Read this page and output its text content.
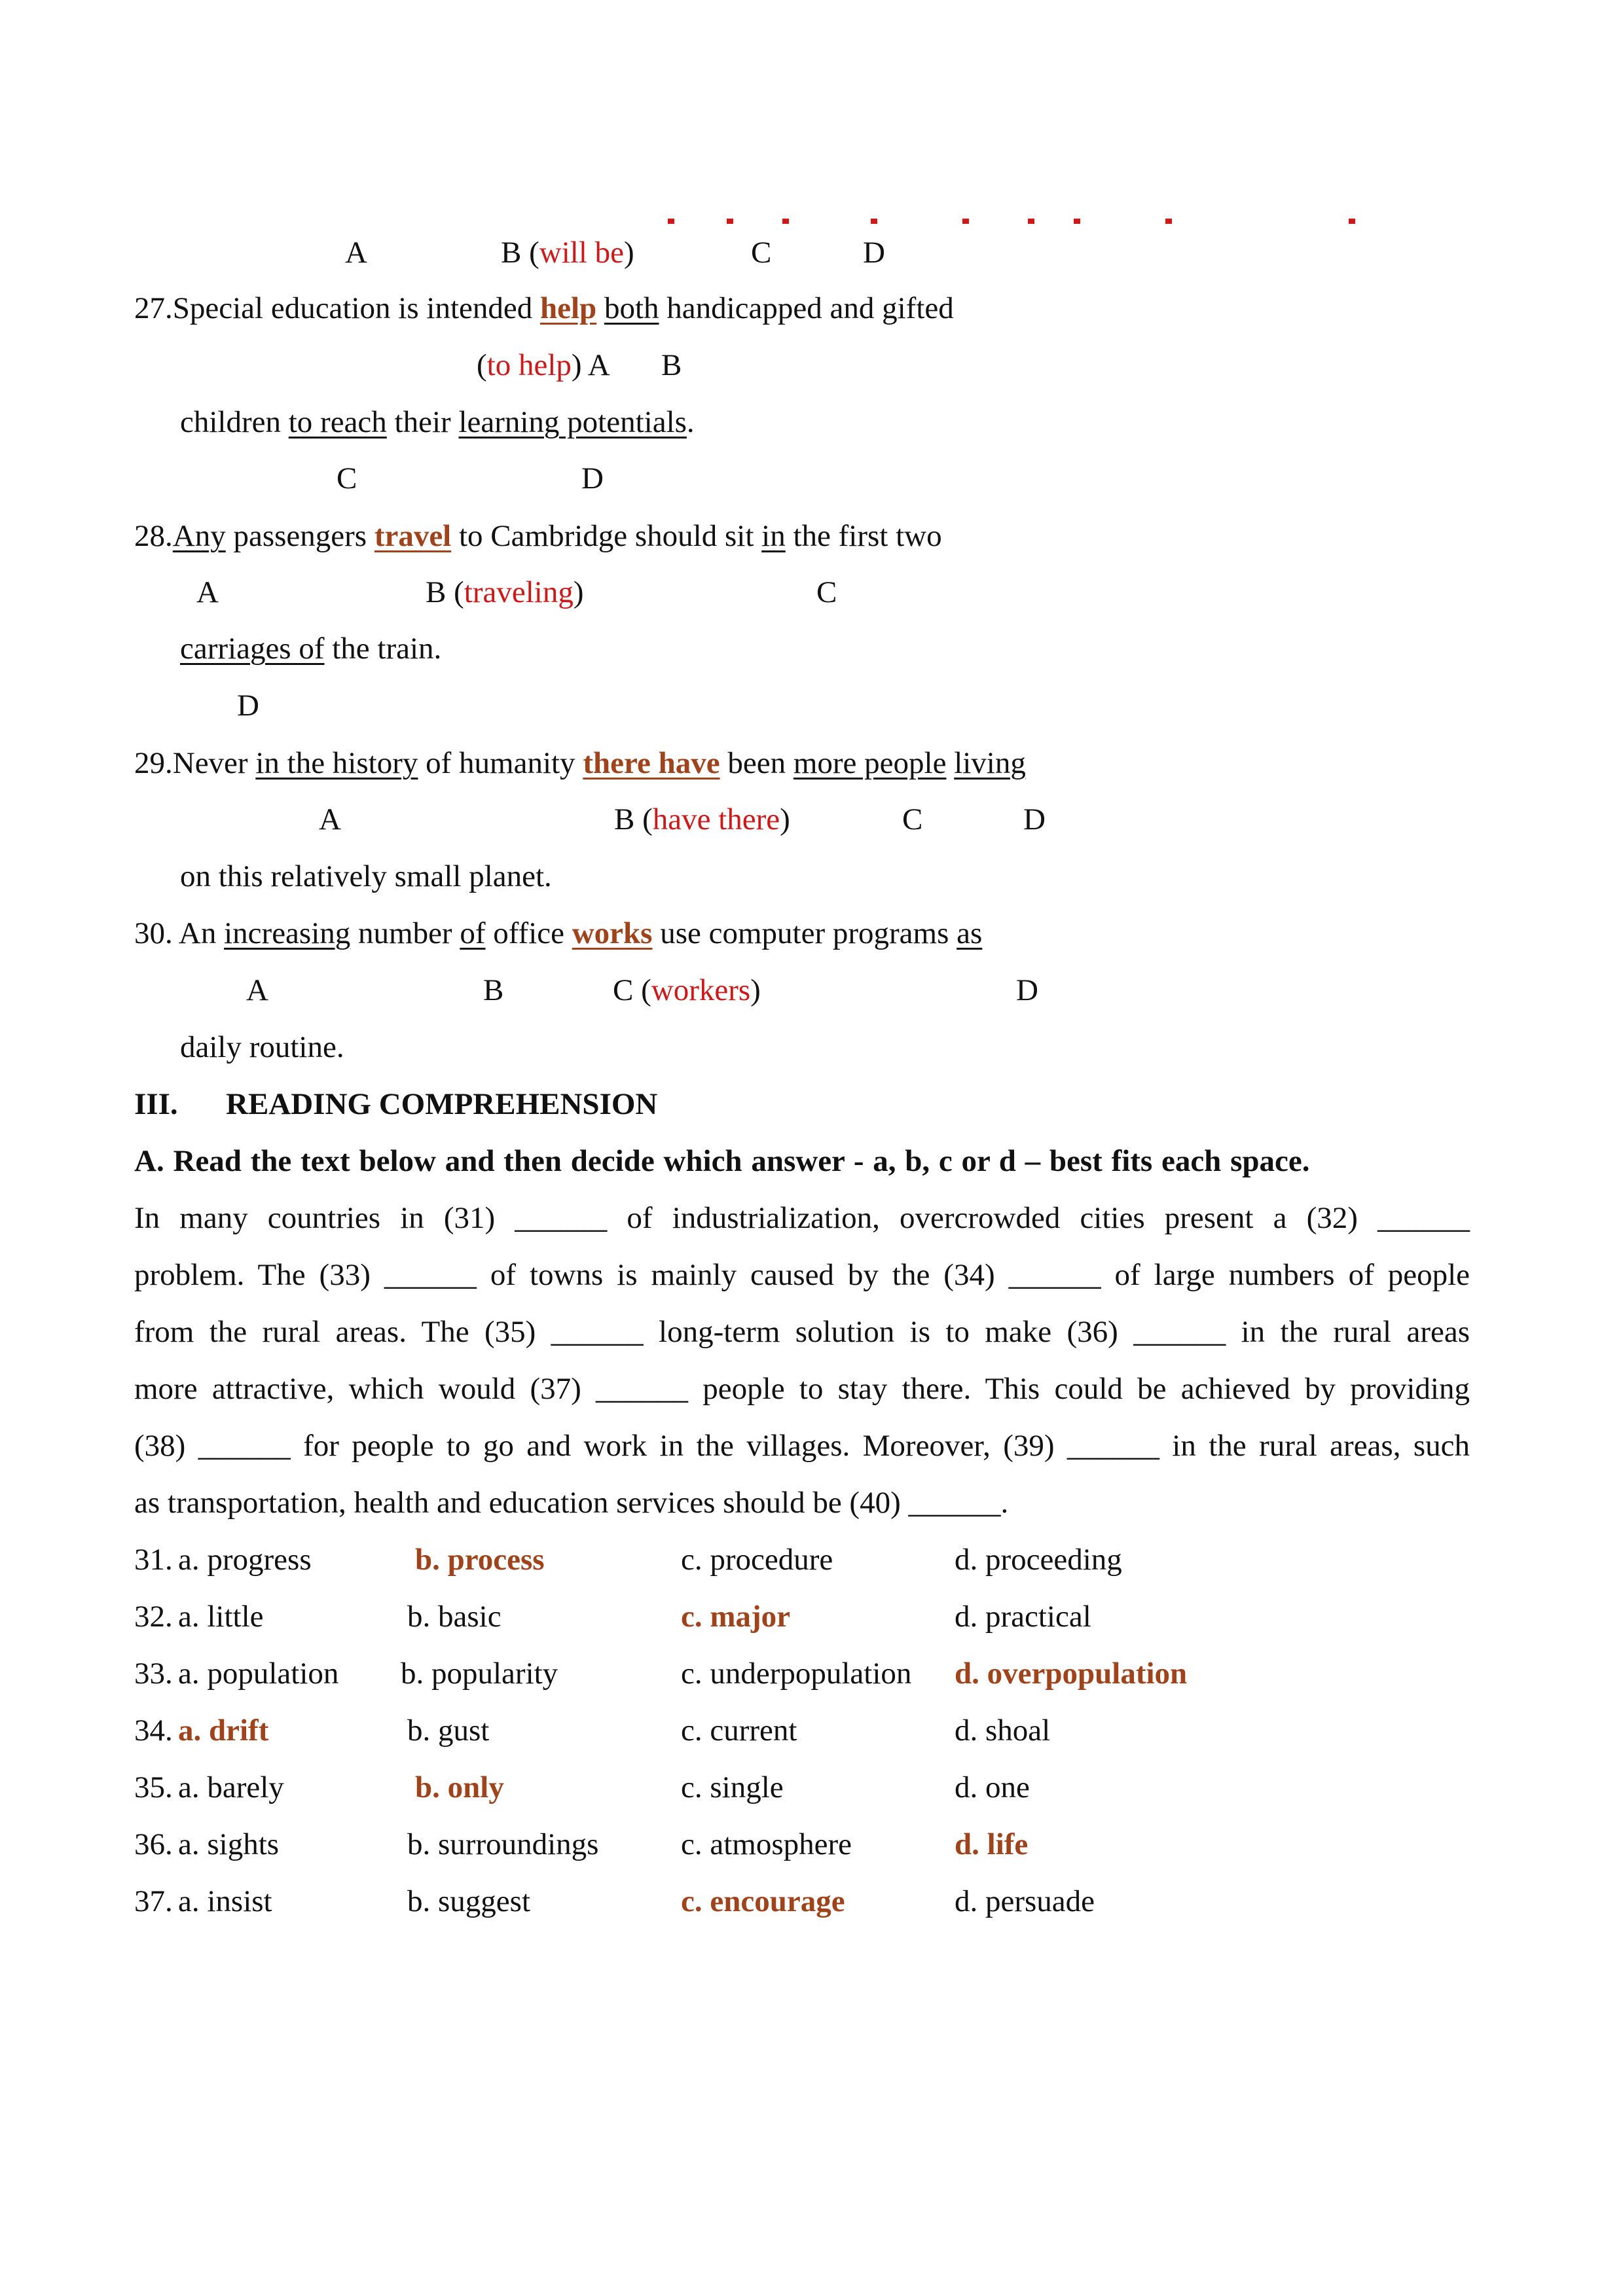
A	B (will be)	C	D
27.Special education is intended help both handicapped and gifted
(to help) A B
children to reach their learning potentials.
C	D
28.Any passengers travel to Cambridge should sit in the first two
A	B (traveling)	C
carriages of the train.
D
29.Never in the history of humanity there have been more people living
A	B (have there)	C	D
on this relatively small planet.
30. An increasing number of office works use computer programs as
A	B	C (workers)	D
daily routine.
III. READING COMPREHENSION
A. Read the text below and then decide which answer - a, b, c or d – best fits each space.
In many countries in (31) ______ of industrialization, overcrowded cities present a (32) ______
problem. The (33) ______ of towns is mainly caused by the (34) ______ of large numbers of people
from the rural areas. The (35) ______ long-term solution is to make (36) ______ in the rural areas
more attractive, which would (37) ______ people to stay there. This could be achieved by providing
(38) ______ for people to go and work in the villages. Moreover, (39) ______ in the rural areas, such
as transportation, health and education services should be (40) ______.
31. a. progress	b. process	c. procedure	d. proceeding
32. a. little	b. basic	c. major	d. practical
33. a. population b. popularity	c. underpopulation d. overpopulation
34. a. drift	b. gust	c. current	d. shoal
35. a. barely	b. only	c. single	d. one
36. a. sights	b. surroundings	c. atmosphere	d. life
37. a. insist	b. suggest	c. encourage	d. persuade
